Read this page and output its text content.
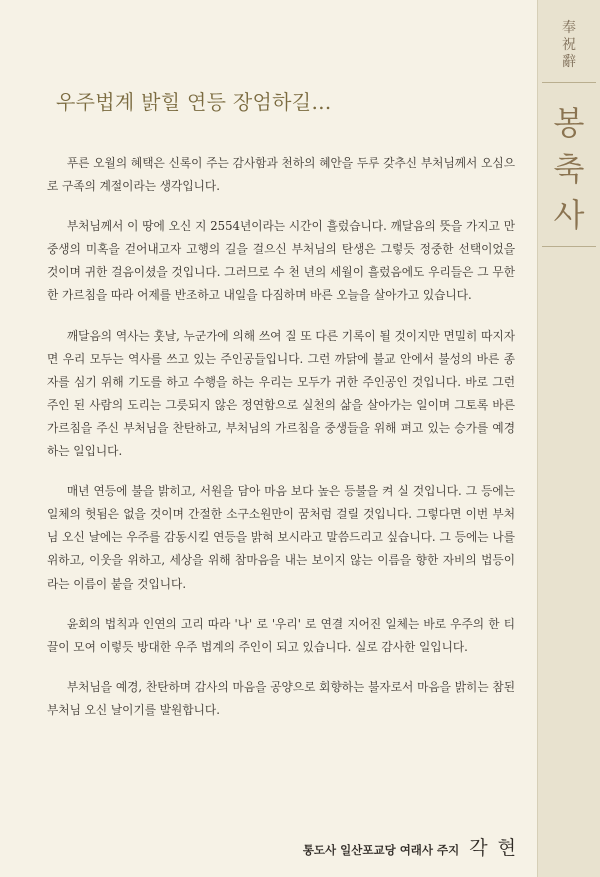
奉
祝
辭
봉
축
사
우주법계 밝힐 연등 장엄하길…

푸른 오월의 혜택은 신록이 주는 감사함과 천하의 혜안을 두루 갖추신 부처님께서 오심으로 구족의 계절이라는 생각입니다.

부처님께서 이 땅에 오신 지 2554년이라는 시간이 흘렀습니다. 깨달음의 뜻을 가지고 만 중생의 미혹을 걷어내고자 고행의 길을 걸으신 부처님의 탄생은 그렇듯 정중한 선택이었을 것이며 귀한 걸음이셨을 것입니다. 그러므로 수 천 년의 세월이 흘렀음에도 우리들은 그 무한한 가르침을 따라 어제를 반조하고 내일을 다짐하며 바른 오늘을 살아가고 있습니다.

깨달음의 역사는 훗날, 누군가에 의해 쓰여 질 또 다른 기록이 될 것이지만 면밀히 따지자면 우리 모두는 역사를 쓰고 있는 주인공들입니다. 그런 까닭에 불교 안에서 불성의 바른 종자를 심기 위해 기도를 하고 수행을 하는 우리는 모두가 귀한 주인공인 것입니다. 바로 그런 주인 된 사람의 도리는 그릇되지 않은 정연함으로 실천의 삶을 살아가는 일이며 그토록 바른 가르침을 주신 부처님을 찬탄하고, 부처님의 가르침을 중생들을 위해 펴고 있는 승가를 예경하는 일입니다.

매년 연등에 불을 밝히고, 서원을 담아 마음 보다 높은 등불을 켜 실 것입니다. 그 등에는 일체의 헛됨은 없을 것이며 간절한 소구소원만이 꿈처럼 걸릴 것입니다. 그렇다면 이번 부처님 오신 날에는 우주를 감동시킬 연등을 밝혀 보시라고 말씀드리고 싶습니다. 그 등에는 나를 위하고, 이웃을 위하고, 세상을 위해 참마음을 내는 보이지 않는 이름을 향한 자비의 법등이라는 이름이 붙을 것입니다.

윤회의 법칙과 인연의 고리 따라 '나' 로 '우리' 로 연결 지어진 일체는 바로 우주의 한 티끌이 모여 이렇듯 방대한 우주 법계의 주인이 되고 있습니다. 실로 감사한 일입니다.

부처님을 예경, 찬탄하며 감사의 마음을 공양으로 회향하는 불자로서 마음을 밝히는 참된 부처님 오신 날이기를 발원합니다.

통도사 일산포교당 여래사 주지 각 현
